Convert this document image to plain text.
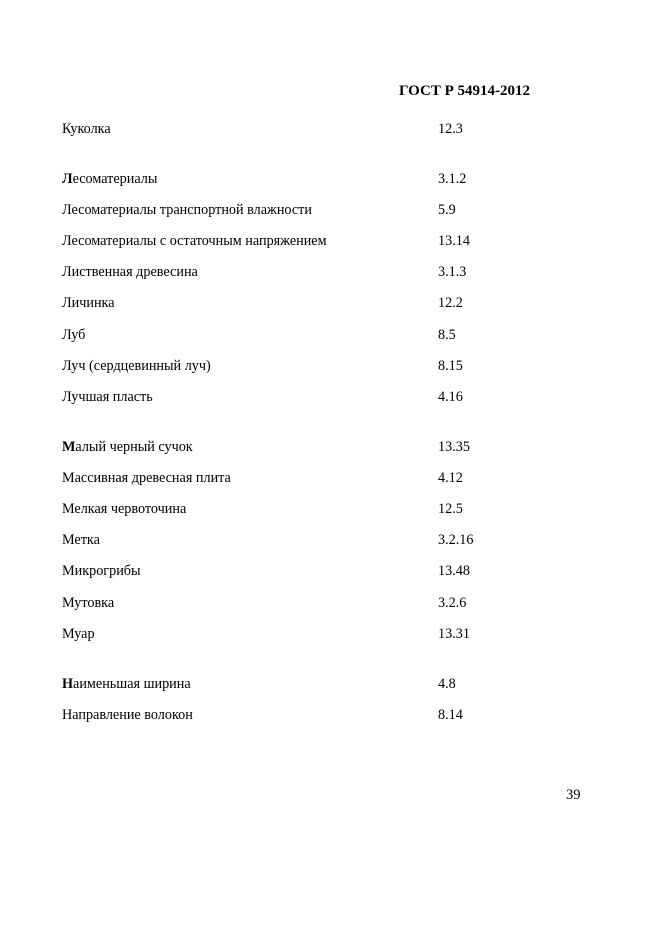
ГОСТ Р 54914-2012
Куколка	12.3
Лесоматериалы	3.1.2
Лесоматериалы транспортной влажности	5.9
Лесоматериалы с остаточным напряжением	13.14
Лиственная древесина	3.1.3
Личинка	12.2
Луб	8.5
Луч (сердцевинный луч)	8.15
Лучшая пласть	4.16
Малый черный сучок	13.35
Массивная древесная плита	4.12
Мелкая червоточина	12.5
Метка	3.2.16
Микрогрибы	13.48
Мутовка	3.2.6
Муар	13.31
Наименьшая ширина	4.8
Направление волокон	8.14
39
